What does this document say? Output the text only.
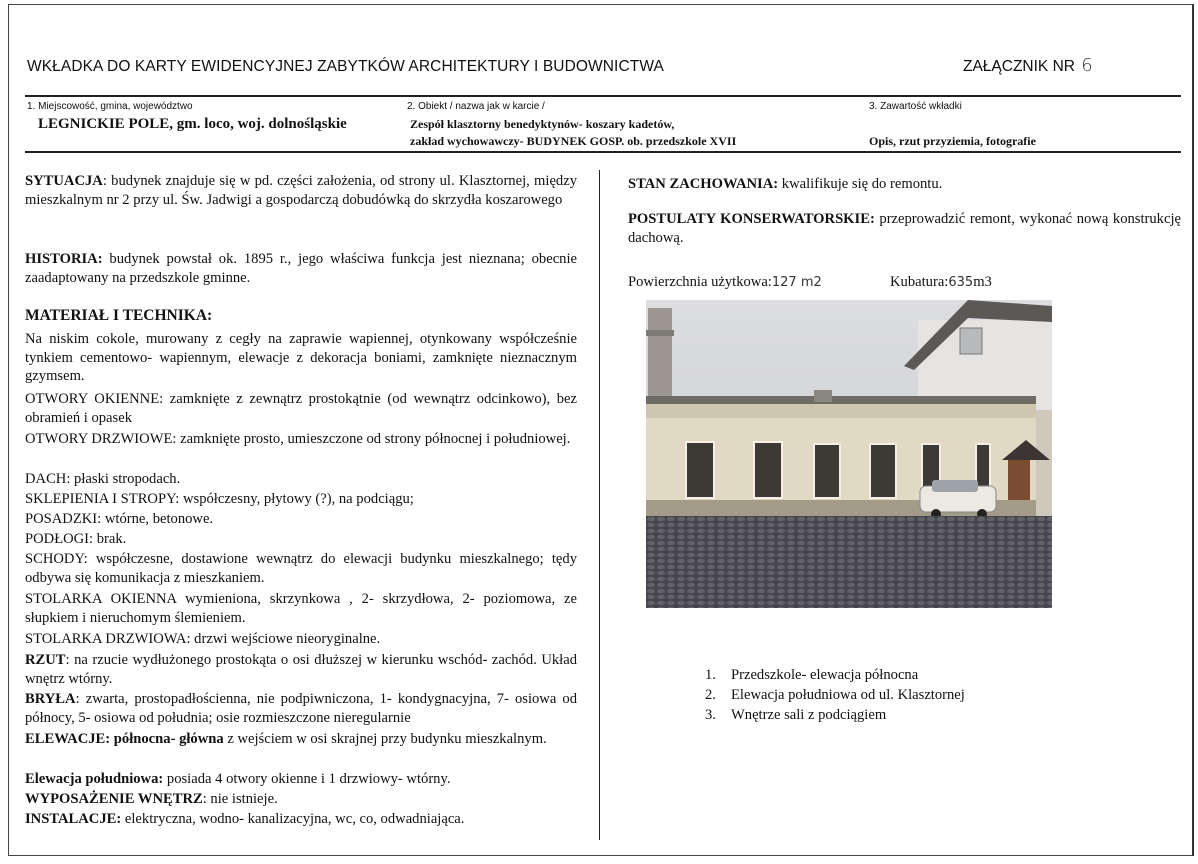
WKŁADKA DO KARTY EWIDENCYJNEJ ZABYTKÓW ARCHITEKTURY I BUDOWNICTWA	ZAŁĄCZNIK NR 6
1. Miejscowość, gmina, województwo
LEGNICKIE POLE, gm. loco, woj. dolnośląskie
2. Obiekt / nazwa jak w karcie /
Zespół klasztorny benedyktynów- koszary kadetów,
zakład wychowawczy- BUDYNEK GOSP. ob. przedszkole XVII
3. Zawartość wkładki
Opis, rzut przyziemia, fotografie
SYTUACJA: budynek znajduje się w pd. części założenia, od strony ul. Klasztornej, między mieszkalnym nr 2 przy ul. Św. Jadwigi a gospodarczą dobudówką do skrzydła koszarowego
HISTORIA: budynek powstał ok. 1895 r., jego właściwa funkcja jest nieznana; obecnie zaadaptowany na przedszkole gminne.
MATERIAŁ I TECHNIKA:
Na niskim cokole, murowany z cegły na zaprawie wapiennej, otynkowany współcześnie tynkiem cementowo- wapiennym, elewacje z dekoracja boniami, zamknięte nieznacznym gzymsem.
OTWORY OKIENNE: zamknięte z zewnątrz prostokątnie (od wewnątrz odcinkowo), bez obramień i opasek
OTWORY DRZWIOWE: zamknięte prosto, umieszczone od strony północnej i południowej.
DACH: płaski stropodach.
SKLEPIENIA I STROPY: współczesny, płytowy (?), na podciągu;
POSADZKI: wtórne, betonowe.
PODŁOGI: brak.
SCHODY: współczesne, dostawione wewnątrz do elewacji budynku mieszkalnego; tędy odbywa się komunikacja z mieszkaniem.
STOLARKA OKIENNA wymieniona, skrzynkowa , 2- skrzydłowa, 2- poziomowa, ze słupkiem i nieruchomym ślemieniem.
STOLARKA DRZWIOWA: drzwi wejściowe nieoryginalne.
RZUT: na rzucie wydłużonego prostokąta o osi dłuższej w kierunku wschód- zachód. Układ wnętrz wtórny.
BRYŁA: zwarta, prostopadłościenna, nie podpiwniczona, 1- kondygnacyjna, 7- osiowa od północy, 5- osiowa od południa; osie rozmieszczone nieregularnie
ELEWACJE: północna- główna z wejściem w osi skrajnej przy budynku mieszkalnym.
Elewacja południowa: posiada 4 otwory okienne i 1 drzwiowy- wtórny.
WYPOSAŻENIE WNĘTRZ: nie istnieje.
INSTALACJE: elektryczna, wodno- kanalizacyjna, wc, co, odwadniająca.
STAN ZACHOWANIA: kwalifikuje się do remontu.
POSTULATY KONSERWATORSKIE: przeprowadzić remont, wykonać nową konstrukcję dachową.
Powierzchnia użytkowa:127 m2	Kubatura:635m3
1. Przedszkole- elewacja północna
2. Elewacja południowa od ul. Klasztornej
3. Wnętrze sali z podciągiem
